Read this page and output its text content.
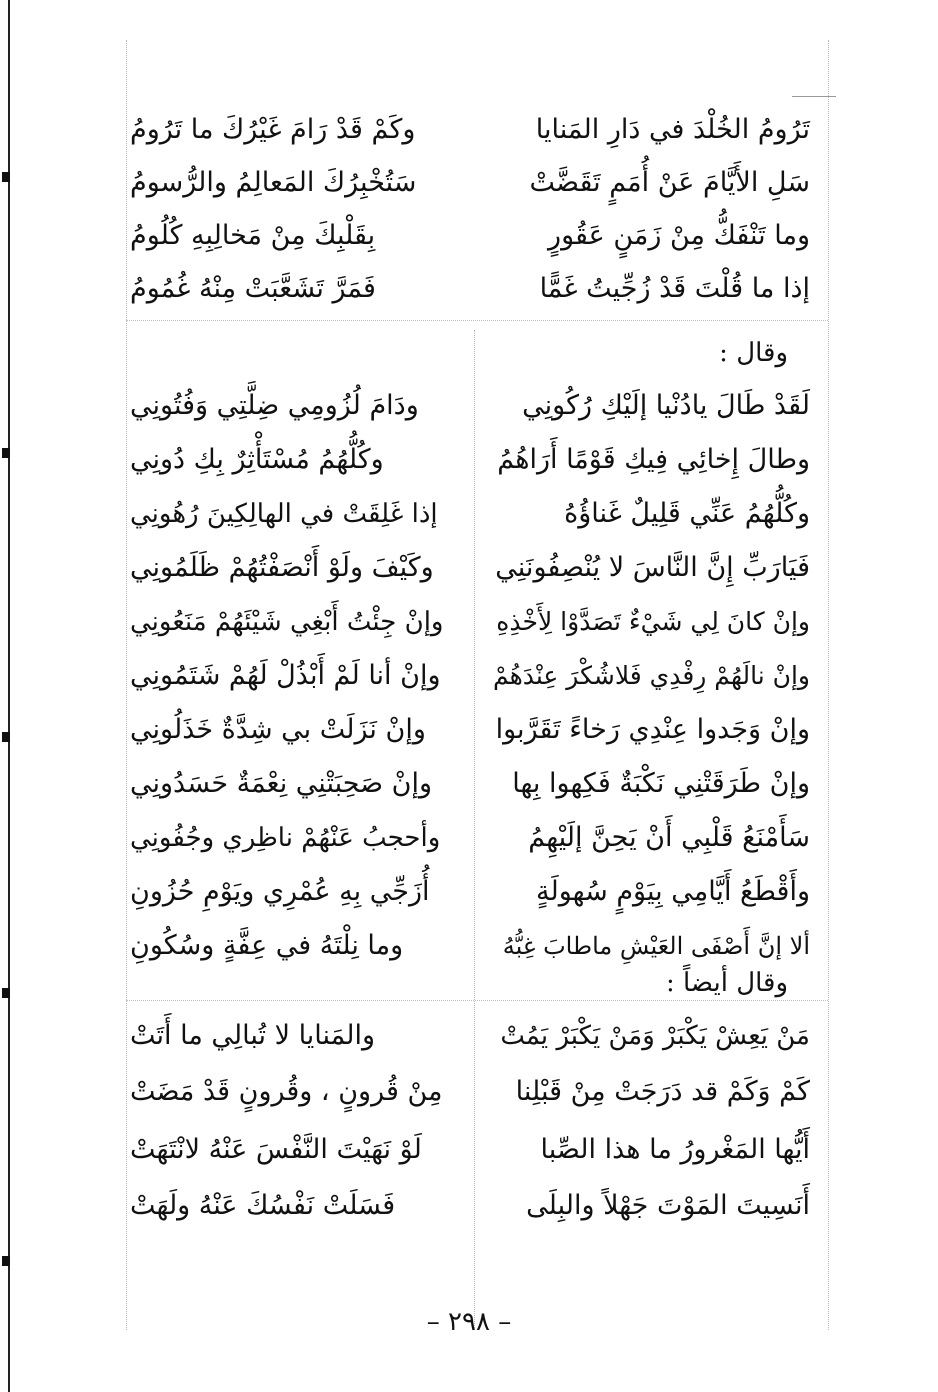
تَرُومُ الخُلْدَ في دَارِ المَنايا
وكَمْ قَدْ رَامَ غَيْرُكَ ما تَرُومُ
سَلِ الأَيَّامَ عَنْ أُمَمٍ تَقَضَّتْ
سَتُخْبِرُكَ المَعالِمُ والرُّسومُ
وما تَنْفَكُّ مِنْ زَمَنٍ عَقُورٍ
بِقَلْبِكَ مِنْ مَخالِبِهِ كُلُومُ
إذا ما قُلْتَ قَدْ زُجِّيتُ غَمًّا
فَمَرَّ تَشَعَّبَتْ مِنْهُ غُمُومُ
وقال :
لَقَدْ طَالَ يادُنْيا إلَيْكِ رُكُونِي
ودَامَ لُزُومِي ضِلَّتِي وَفُتُونِي
وطالَ إِخائِي فِيكِ قَوْمًا أَرَاهُمُ
وكُلُّهُمُ مُسْتَأْثِرٌ بِكِ دُونِي
وكُلُّهُمُ عَنِّي قَلِيلٌ غَناؤُهُ
إذا غَلِقَتْ في الهالِكِينَ رُهُونِي
فَيَارَبِّ إِنَّ النَّاسَ لا يُنْصِفُونَنِي
وكَيْفَ ولَوْ أَنْصَفْتُهُمْ ظَلَمُونِي
وإنْ كانَ لِي شَيْءٌ تَصَدَّوْا لِأَخْذِهِ
وإنْ جِئْتُ أَبْغِي شَيْئَهُمْ مَنَعُونِي
وإنْ نالَهُمْ رِفْدِي فَلاشُكْرَ عِنْدَهُمْ
وإنْ أنا لَمْ أَبْذُلْ لَهُمْ شَتَمُونِي
وإنْ وَجَدوا عِنْدِي رَخاءً تَقَرَّبوا
وإنْ نَزَلَتْ بي شِدَّةٌ خَذَلُونِي
وإنْ طَرَقَتْنِي نَكْبَةٌ فَكِهوا بِها
وإنْ صَحِبَتْنِي نِعْمَةٌ حَسَدُونِي
سَأَمْنَعُ قَلْبِي أَنْ يَحِنَّ إلَيْهِمُ
وأحجبُ عَنْهُمْ ناظِري وجُفُونِي
وأَقْطَعُ أَيَّامِي بِيَوْمٍ سُهولَةٍ
أُزَجِّي بِهِ عُمْرِي ويَوْمِ حُزُونِ
ألا إنَّ أَصْفَى العَيْشِ ماطابَ غِبُّهُ
وما نِلْتَهُ في عِفَّةٍ وسُكُونِ
وقال أيضاً :
مَنْ يَعِشْ يَكْبَرْ وَمَنْ يَكْبَرْ يَمُتْ
والمَنايا لا تُبالِي ما أَتَتْ
كَمْ وَكَمْ قد دَرَجَتْ مِنْ قَبْلِنا
مِنْ قُرونٍ ، وقُرونٍ قَدْ مَضَتْ
أَيُّها المَغْرورُ ما هذا الصِّبا
لَوْ نَهَيْتَ النَّفْسَ عَنْهُ لانْتَهَتْ
أَنَسِيتَ المَوْتَ جَهْلاً والبِلَى
فَسَلَتْ نَفْسُكَ عَنْهُ ولَهَتْ
– ٢٩٨ –
